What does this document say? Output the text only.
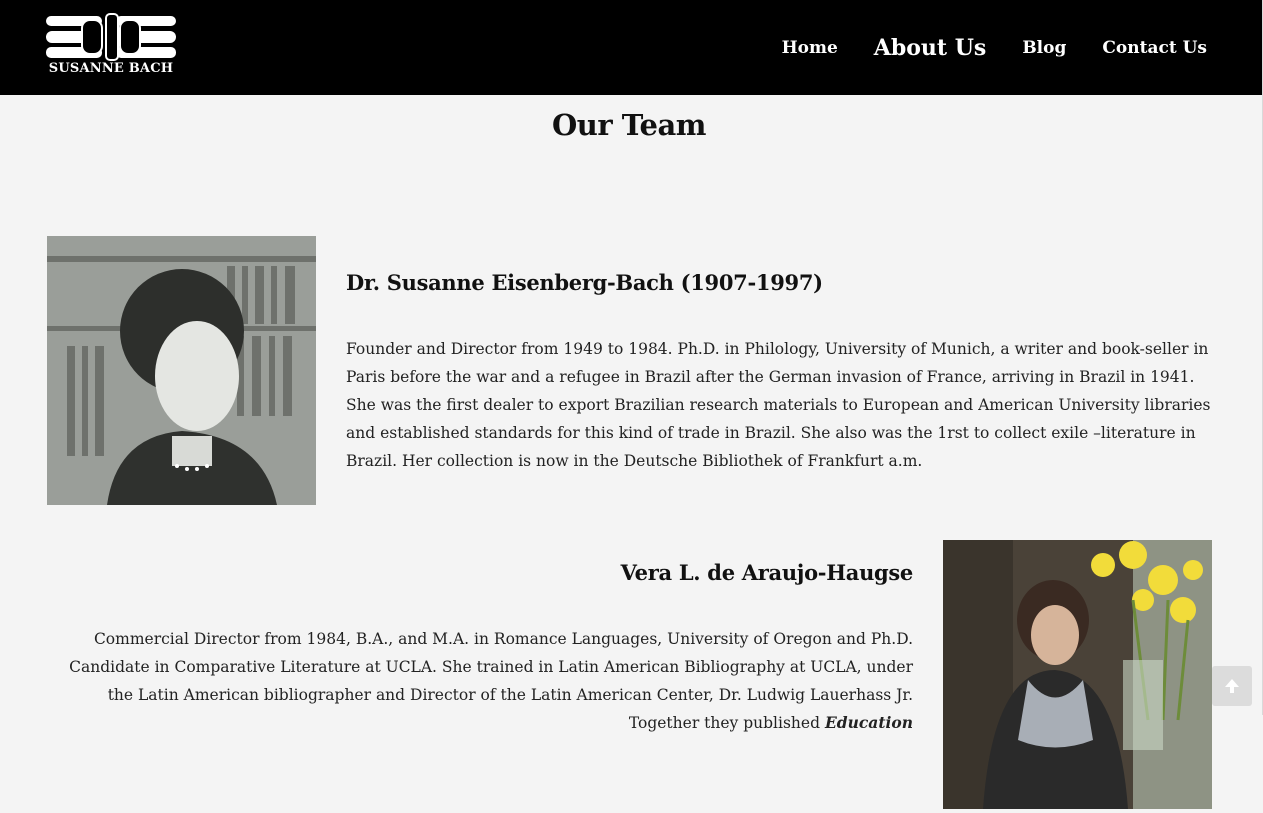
SUSANNE BACH
Home About Us Blog Contact Us
Our Team
Dr. Susanne Eisenberg-Bach (1907-1997)

Founder and Director from 1949 to 1984. Ph.D. in Philology, University of Munich, a writer and book-seller in Paris before the war and a refugee in Brazil after the German invasion of France, arriving in Brazil in 1941. She was the first dealer to export Brazilian research materials to European and American University libraries and established standards for this kind of trade in Brazil. She also was the 1rst to collect exile –literature in Brazil. Her collection is now in the Deutsche Bibliothek of Frankfurt a.m.

Vera L. de Araujo-Haugse

Commercial Director from 1984, B.A., and M.A. in Romance Languages, University of Oregon and Ph.D. Candidate in Comparative Literature at UCLA. She trained in Latin American Bibliography at UCLA, under the Latin American bibliographer and Director of the Latin American Center, Dr. Ludwig Lauerhass Jr. Together they published Education
